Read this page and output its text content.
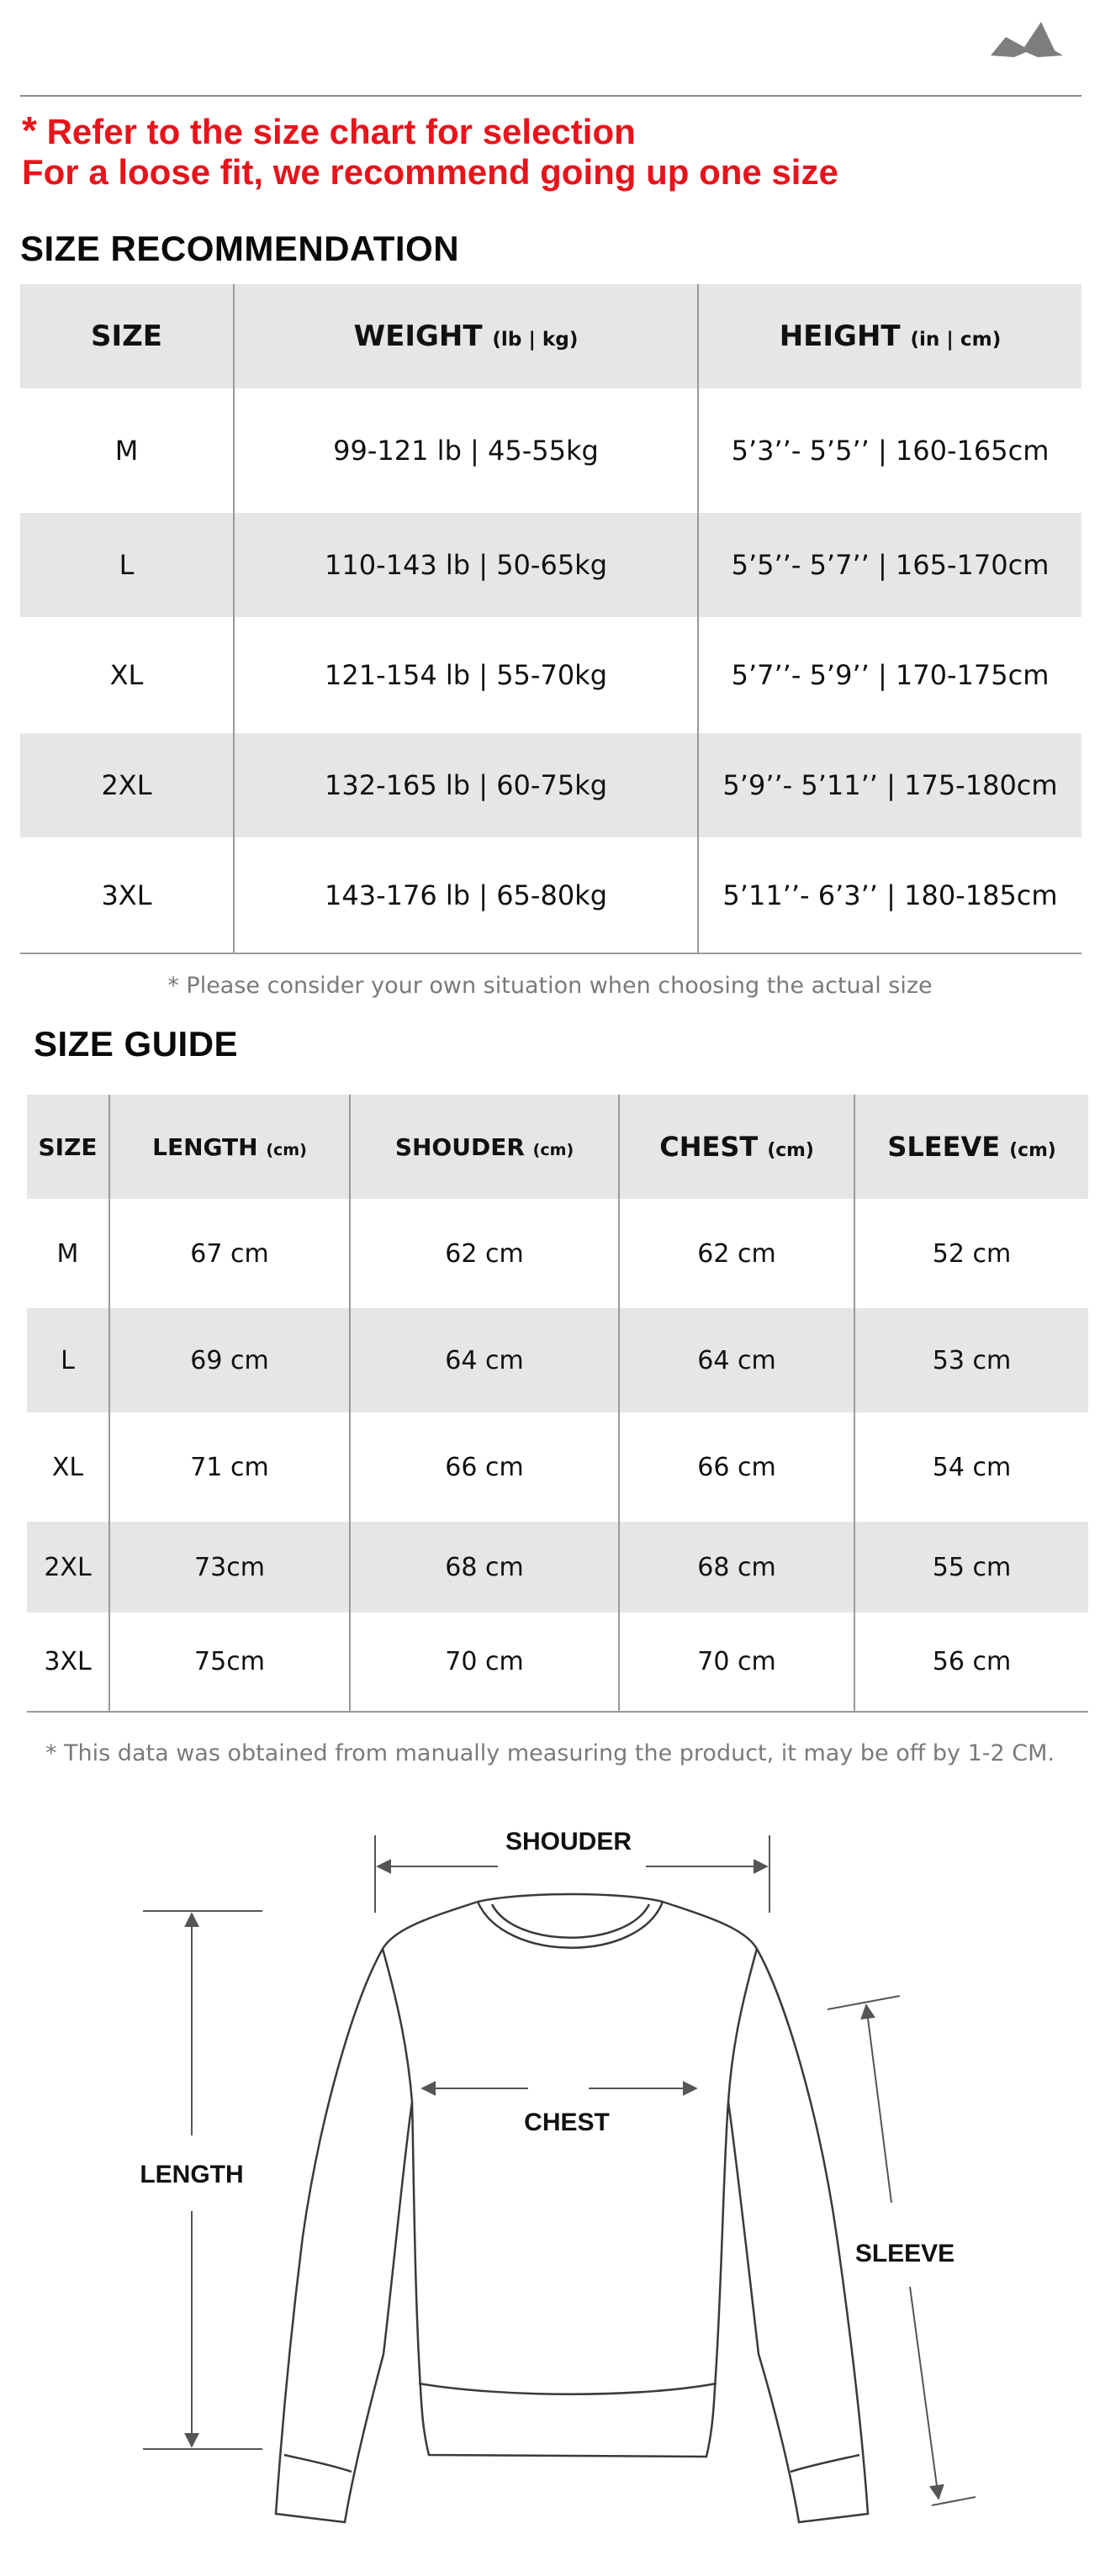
* Refer to the size chart for selection
For a loose fit, we recommend going up one size
SIZE RECOMMENDATION
SIZE	WEIGHT (lb | kg)	HEIGHT (in | cm)
M	99-121 lb | 45-55kg	5’3’’- 5’5’’ | 160-165cm
L	110-143 lb | 50-65kg	5’5’’- 5’7’’ | 165-170cm
XL	121-154 lb | 55-70kg	5’7’’- 5’9’’ | 170-175cm
2XL	132-165 lb | 60-75kg	5’9’’- 5’11’’ | 175-180cm
3XL	143-176 lb | 65-80kg	5’11’’- 6’3’’ | 180-185cm
* Please consider your own situation when choosing the actual size
SIZE GUIDE
SIZE	LENGTH (cm)	SHOUDER (cm)	CHEST (cm)	SLEEVE (cm)
M	67 cm	62 cm	62 cm	52 cm
L	69 cm	64 cm	64 cm	53 cm
XL	71 cm	66 cm	66 cm	54 cm
2XL	73cm	68 cm	68 cm	55 cm
3XL	75cm	70 cm	70 cm	56 cm
* This data was obtained from manually measuring the product, it may be off by 1-2 CM.
SHOUDER
CHEST
LENGTH
SLEEVE
